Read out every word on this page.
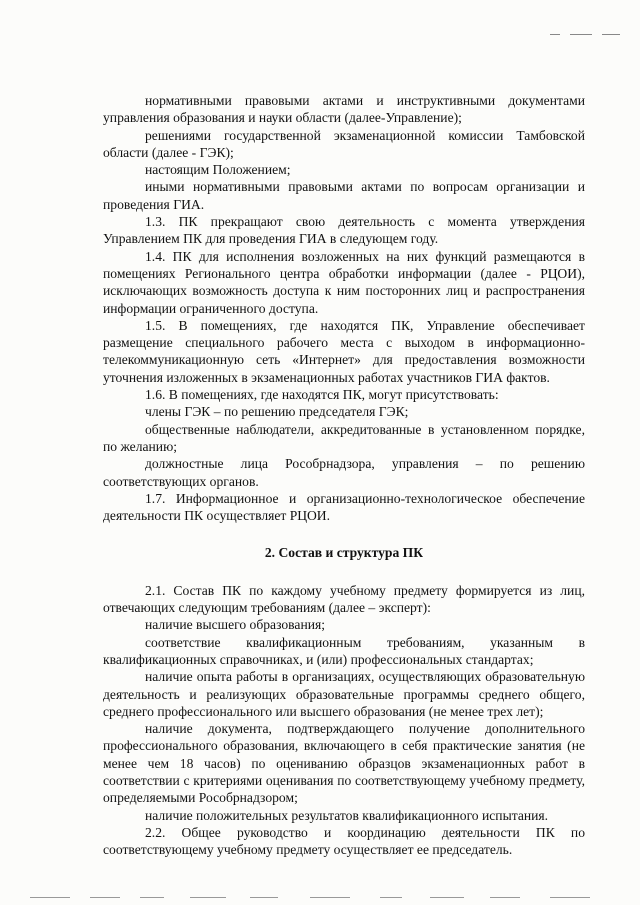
нормативными правовыми актами и инструктивными документами управления образования и науки области (далее-Управление);

решениями государственной экзаменационной комиссии Тамбовской области (далее - ГЭК);

настоящим Положением;

иными нормативными правовыми актами по вопросам организации и проведения ГИА.

1.3. ПК прекращают свою деятельность с момента утверждения Управлением ПК для проведения ГИА в следующем году.

1.4. ПК для исполнения возложенных на них функций размещаются в помещениях Регионального центра обработки информации (далее - РЦОИ), исключающих возможность доступа к ним посторонних лиц и распространения информации ограниченного доступа.

1.5. В помещениях, где находятся ПК, Управление обеспечивает размещение специального рабочего места с выходом в информационно-телекоммуникационную сеть «Интернет» для предоставления возможности уточнения изложенных в экзаменационных работах участников ГИА фактов.

1.6. В помещениях, где находятся ПК, могут присутствовать:

члены ГЭК – по решению председателя ГЭК;

общественные наблюдатели, аккредитованные в установленном порядке, по желанию;

должностные лица Рособрнадзора, управления – по решению соответствующих органов.

1.7. Информационное и организационно-технологическое обеспечение деятельности ПК осуществляет РЦОИ.

2. Состав и структура ПК

2.1. Состав ПК по каждому учебному предмету формируется из лиц, отвечающих следующим требованиям (далее – эксперт):

наличие высшего образования;

соответствие квалификационным требованиям, указанным в квалификационных справочниках, и (или) профессиональных стандартах;

наличие опыта работы в организациях, осуществляющих образовательную деятельность и реализующих образовательные программы среднего общего, среднего профессионального или высшего образования (не менее трех лет);

наличие документа, подтверждающего получение дополнительного профессионального образования, включающего в себя практические занятия (не менее чем 18 часов) по оцениванию образцов экзаменационных работ в соответствии с критериями оценивания по соответствующему учебному предмету, определяемыми Рособрнадзором;

наличие положительных результатов квалификационного испытания.

2.2. Общее руководство и координацию деятельности ПК по соответствующему учебному предмету осуществляет ее председатель.
